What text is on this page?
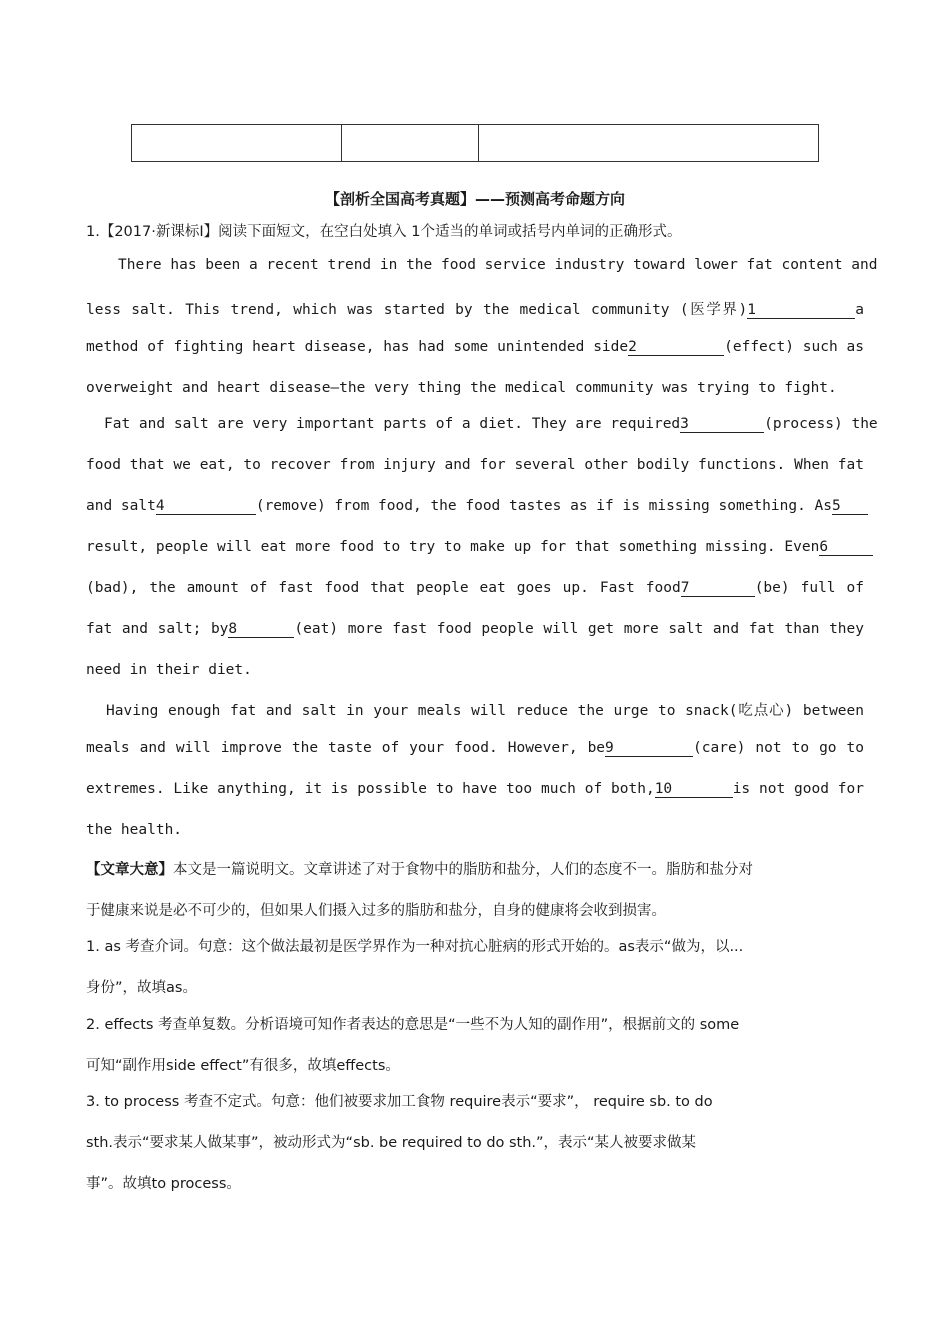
【剖析全国高考真题】——预测高考命题方向
1.【2017·新课标Ⅰ】阅读下面短文，在空白处填入 1个适当的单词或括号内单词的正确形式。
There has been a recent trend in the food service industry toward lower fat content and
less salt. This trend, which was started by the medical community (医学界)1	a
method of fighting heart disease, has had some unintended side2	(effect) such as
overweight and heart disease—the very thing the medical community was trying to fight.
Fat and salt are very important parts of a diet. They are required3	(process) the
food that we eat, to recover from injury and for several other bodily functions. When fat
and salt4	(remove) from food, the food tastes as if is missing something. As5
result, people will eat more food to try to make up for that something missing. Even6
(bad), the amount of fast food that people eat goes up. Fast food7	(be) full of
fat and salt; by8	(eat) more fast food people will get more salt and fat than they
need in their diet.
Having enough fat and salt in your meals will reduce the urge to snack(吃点心) between
meals and will improve the taste of your food. However, be9	(care) not to go to
extremes. Like anything, it is possible to have too much of both,10	is not good for
the health.
【文章大意】本文是一篇说明文。文章讲述了对于食物中的脂肪和盐分，人们的态度不一。脂肪和盐分对
于健康来说是必不可少的，但如果人们摄入过多的脂肪和盐分，自身的健康将会收到损害。
1. as 考查介词。句意：这个做法最初是医学界作为一种对抗心脏病的形式开始的。as表示“做为，以...
身份”，故填as。
2. effects 考查单复数。分析语境可知作者表达的意思是“一些不为人知的副作用”，根据前文的 some
可知“副作用side effect”有很多，故填effects。
3. to process 考查不定式。句意：他们被要求加工食物 require表示“要求”， require sb. to do
sth.表示“要求某人做某事”，被动形式为“sb. be required to do sth.”，表示“某人被要求做某
事”。故填to process。
